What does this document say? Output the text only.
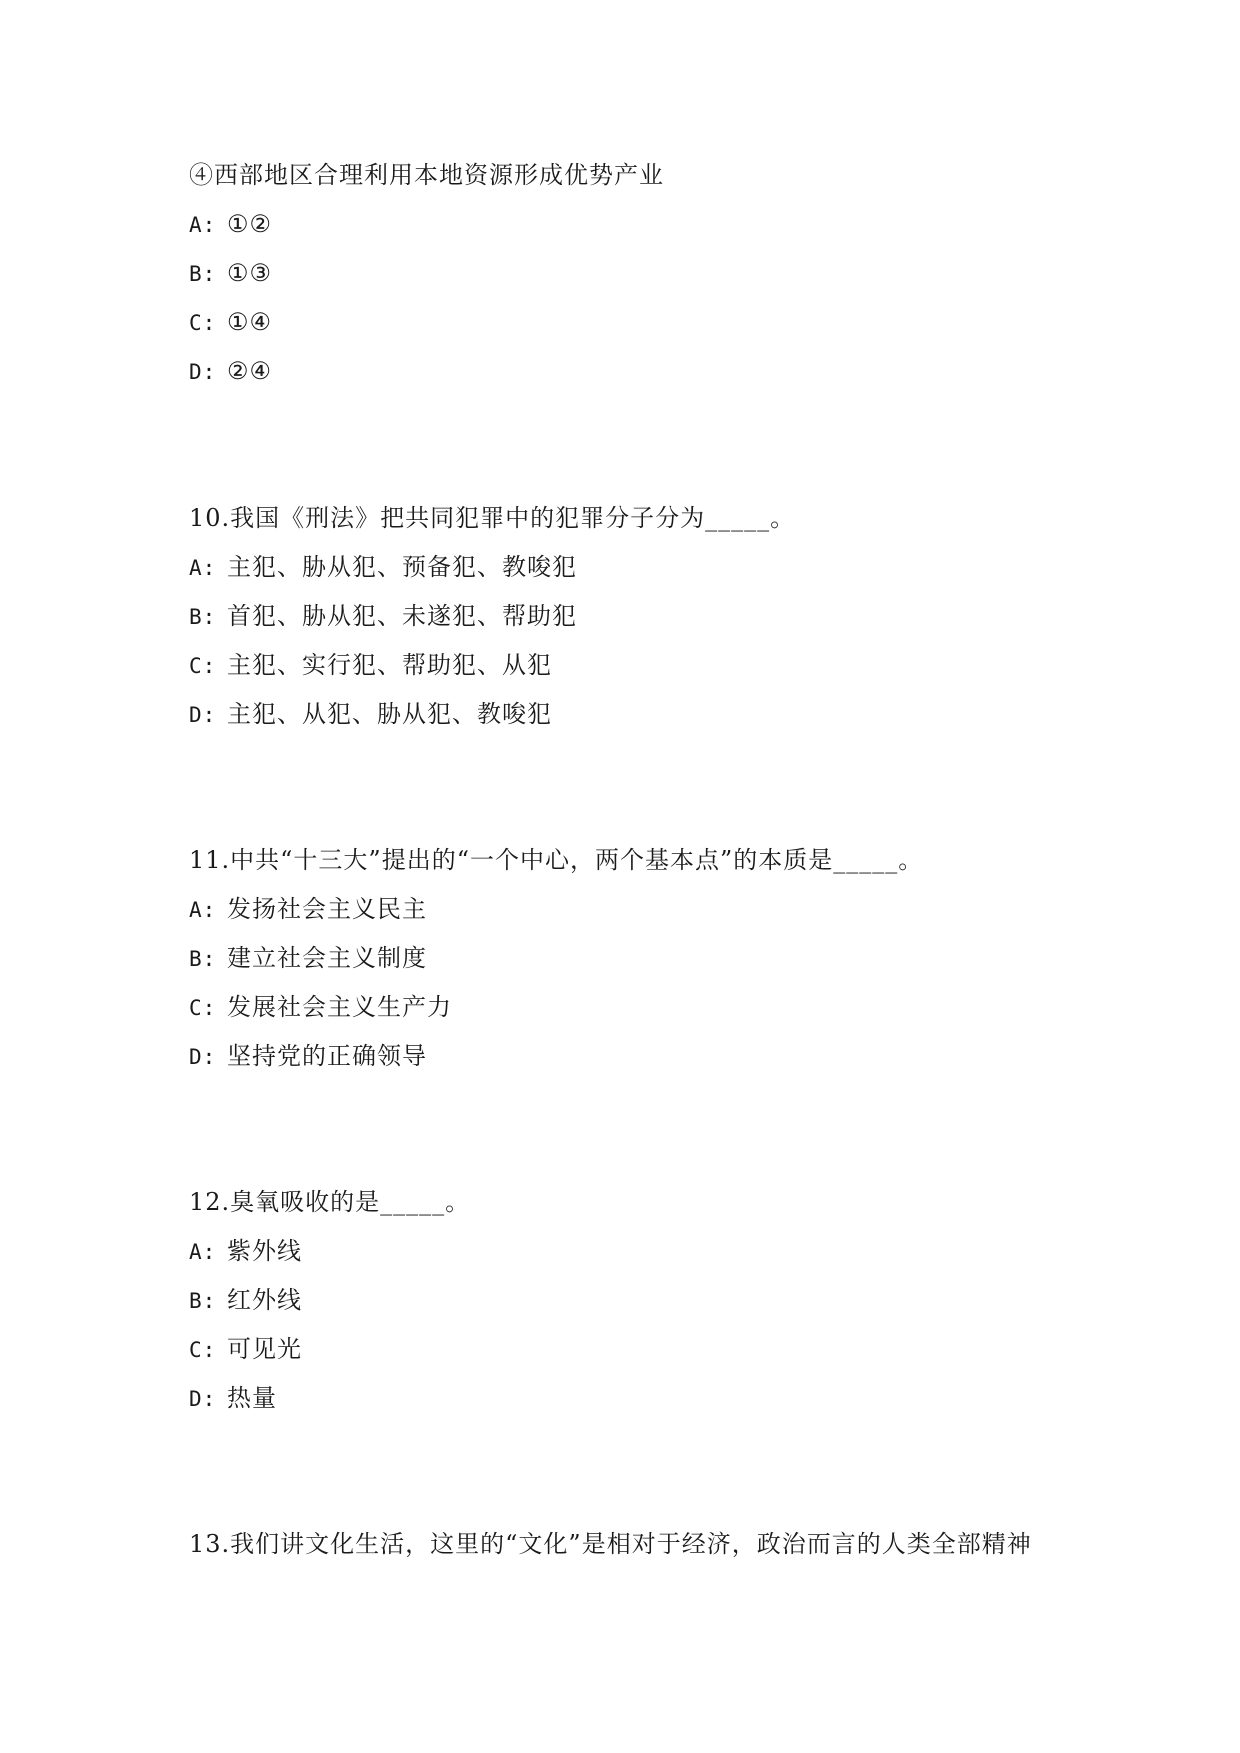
④西部地区合理利用本地资源形成优势产业
A: ①②
B: ①③
C: ①④
D: ②④
10.我国《刑法》把共同犯罪中的犯罪分子分为_____。
A: 主犯、胁从犯、预备犯、教唆犯
B: 首犯、胁从犯、未遂犯、帮助犯
C: 主犯、实行犯、帮助犯、从犯
D: 主犯、从犯、胁从犯、教唆犯
11.中共“十三大”提出的“一个中心，两个基本点”的本质是_____。
A: 发扬社会主义民主
B: 建立社会主义制度
C: 发展社会主义生产力
D: 坚持党的正确领导
12.臭氧吸收的是_____。
A: 紫外线
B: 红外线
C: 可见光
D: 热量
13.我们讲文化生活，这里的“文化”是相对于经济，政治而言的人类全部精神
